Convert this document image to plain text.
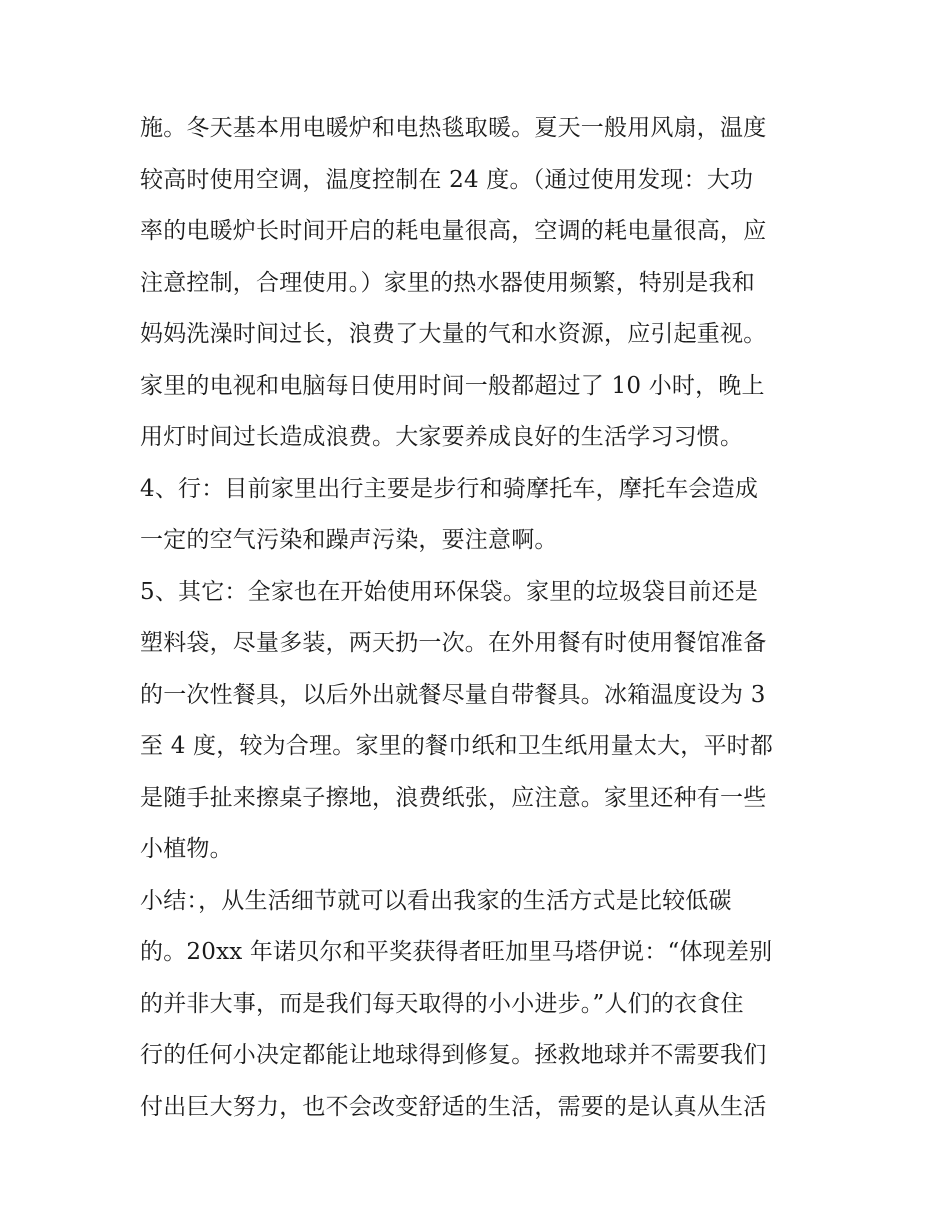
施。冬天基本用电暖炉和电热毯取暖。夏天一般用风扇，温度
较高时使用空调，温度控制在 24 度。（通过使用发现：大功
率的电暖炉长时间开启的耗电量很高，空调的耗电量很高，应
注意控制，合理使用。）家里的热水器使用频繁，特别是我和
妈妈洗澡时间过长，浪费了大量的气和水资源，应引起重视。
家里的电视和电脑每日使用时间一般都超过了 10 小时，晚上
用灯时间过长造成浪费。大家要养成良好的生活学习习惯。
4、行：目前家里出行主要是步行和骑摩托车，摩托车会造成
一定的空气污染和躁声污染，要注意啊。
5、其它：全家也在开始使用环保袋。家里的垃圾袋目前还是
塑料袋，尽量多装，两天扔一次。在外用餐有时使用餐馆准备
的一次性餐具，以后外出就餐尽量自带餐具。冰箱温度设为 3
至 4 度，较为合理。家里的餐巾纸和卫生纸用量太大，平时都
是随手扯来擦桌子擦地，浪费纸张，应注意。家里还种有一些
小植物。
小结：，从生活细节就可以看出我家的生活方式是比较低碳
的。20xx 年诺贝尔和平奖获得者旺加里马塔伊说：“体现差别
的并非大事，而是我们每天取得的小小进步。”人们的衣食住
行的任何小决定都能让地球得到修复。拯救地球并不需要我们
付出巨大努力，也不会改变舒适的生活，需要的是认真从生活
